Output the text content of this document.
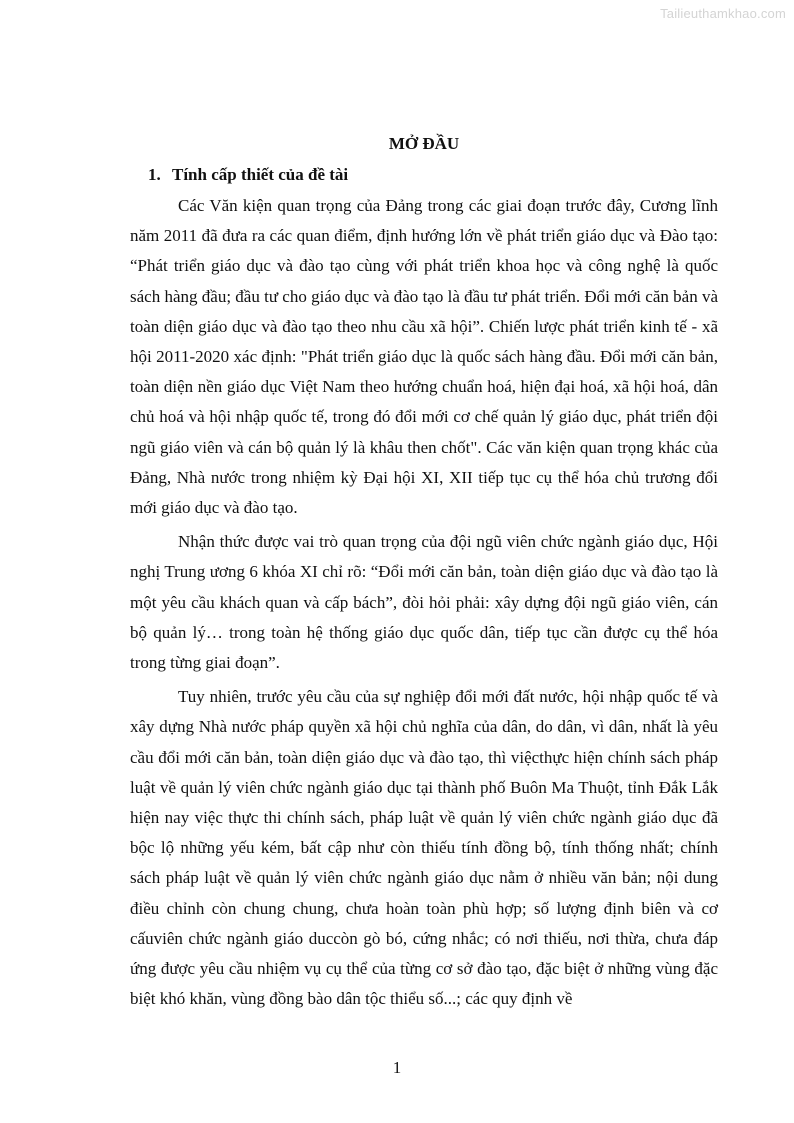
Tailieuthamkhao.com
MỞ ĐẦU
1. Tính cấp thiết của đề tài

Các Văn kiện quan trọng của Đảng trong các giai đoạn trước đây, Cương lĩnh năm 2011 đã đưa ra các quan điểm, định hướng lớn về phát triển giáo dục và Đào tạo: “Phát triển giáo dục và đào tạo cùng với phát triển khoa học và công nghệ là quốc sách hàng đầu; đầu tư cho giáo dục và đào tạo là đầu tư phát triển. Đổi mới căn bản và toàn diện giáo dục và đào tạo theo nhu cầu xã hội”. Chiến lược phát triển kinh tế - xã hội 2011-2020 xác định: "Phát triển giáo dục là quốc sách hàng đầu. Đổi mới căn bản, toàn diện nền giáo dục Việt Nam theo hướng chuẩn hoá, hiện đại hoá, xã hội hoá, dân chủ hoá và hội nhập quốc tế, trong đó đổi mới cơ chế quản lý giáo dục, phát triển đội ngũ giáo viên và cán bộ quản lý là khâu then chốt". Các văn kiện quan trọng khác của Đảng, Nhà nước trong nhiệm kỳ Đại hội XI, XII tiếp tục cụ thể hóa chủ trương đổi mới giáo dục và đào tạo.

Nhận thức được vai trò quan trọng của đội ngũ viên chức ngành giáo dục, Hội nghị Trung ương 6 khóa XI chỉ rõ: “Đổi mới căn bản, toàn diện giáo dục và đào tạo là một yêu cầu khách quan và cấp bách”, đòi hỏi phải: xây dựng đội ngũ giáo viên, cán bộ quản lý… trong toàn hệ thống giáo dục quốc dân, tiếp tục cần được cụ thể hóa trong từng giai đoạn”.

Tuy nhiên, trước yêu cầu của sự nghiệp đổi mới đất nước, hội nhập quốc tế và xây dựng Nhà nước pháp quyền xã hội chủ nghĩa của dân, do dân, vì dân, nhất là yêu cầu đổi mới căn bản, toàn diện giáo dục và đào tạo, thì việcthực hiện chính sách pháp luật về quản lý viên chức ngành giáo dục tại thành phố Buôn Ma Thuột, tỉnh Đắk Lắk hiện nay việc thực thi chính sách, pháp luật về quản lý viên chức ngành giáo dục đã bộc lộ những yếu kém, bất cập như còn thiếu tính đồng bộ, tính thống nhất; chính sách pháp luật về quản lý viên chức ngành giáo dục nằm ở nhiều văn bản; nội dung điều chỉnh còn chung chung, chưa hoàn toàn phù hợp; số lượng định biên và cơ cấuviên chức ngành giáo duccòn gò bó, cứng nhắc; có nơi thiếu, nơi thừa, chưa đáp ứng được yêu cầu nhiệm vụ cụ thể của từng cơ sở đào tạo, đặc biệt ở những vùng đặc biệt khó khăn, vùng đồng bào dân tộc thiểu số...; các quy định về

1
